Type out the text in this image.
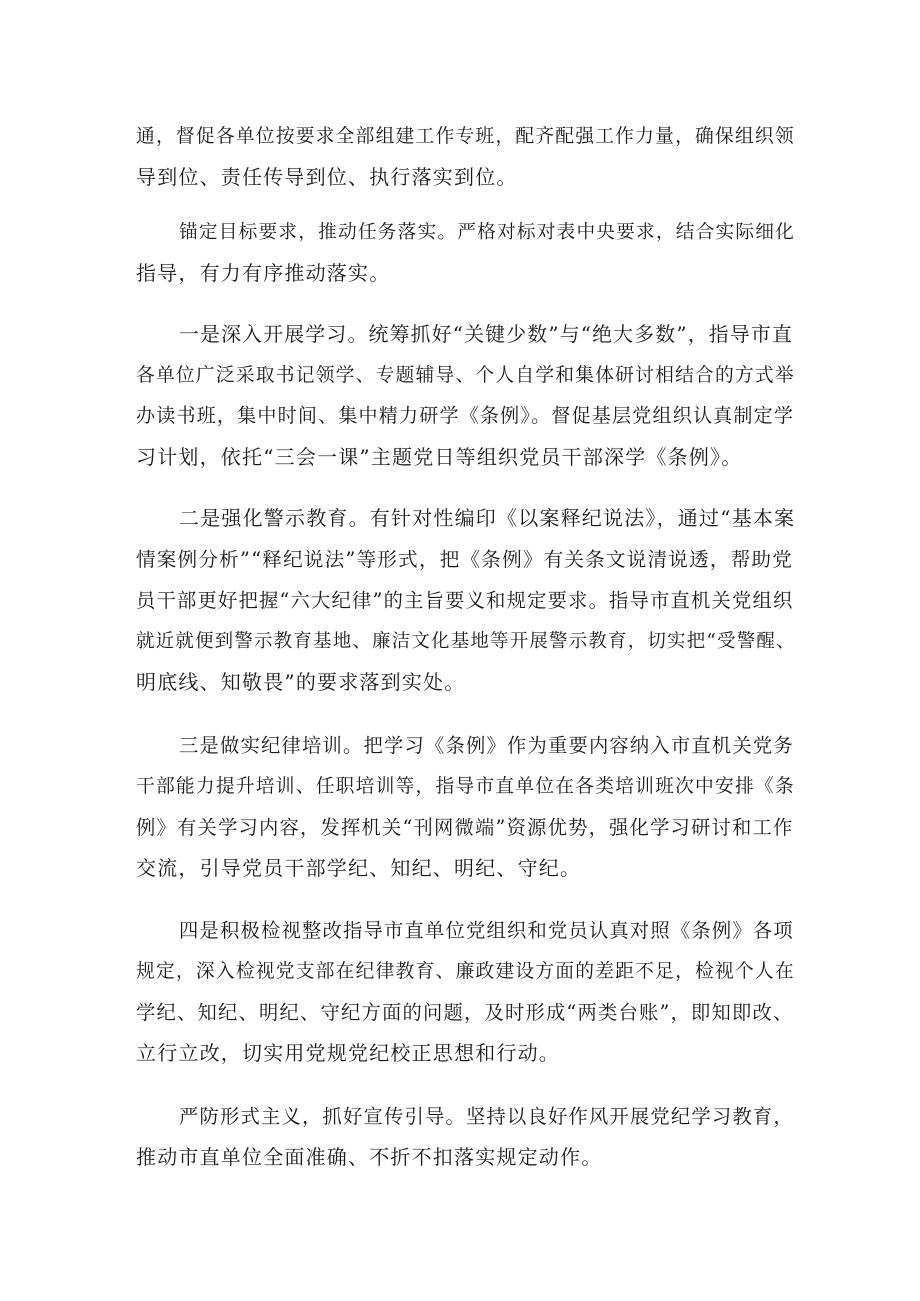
通，督促各单位按要求全部组建工作专班，配齐配强工作力量，确保组织领
导到位、责任传导到位、执行落实到位。

锚定目标要求，推动任务落实。严格对标对表中央要求，结合实际细化
指导，有力有序推动落实。

一是深入开展学习。统筹抓好“关键少数”与“绝大多数”，指导市直
各单位广泛采取书记领学、专题辅导、个人自学和集体研讨相结合的方式举
办读书班，集中时间、集中精力研学《条例》。督促基层党组织认真制定学
习计划，依托“三会一课”主题党日等组织党员干部深学《条例》。

二是强化警示教育。有针对性编印《以案释纪说法》，通过“基本案
情案例分析”“释纪说法”等形式，把《条例》有关条文说清说透，帮助党
员干部更好把握“六大纪律”的主旨要义和规定要求。指导市直机关党组织
就近就便到警示教育基地、廉洁文化基地等开展警示教育，切实把“受警醒、
明底线、知敬畏”的要求落到实处。

三是做实纪律培训。把学习《条例》作为重要内容纳入市直机关党务
干部能力提升培训、任职培训等，指导市直单位在各类培训班次中安排《条
例》有关学习内容，发挥机关“刊网微端”资源优势，强化学习研讨和工作
交流，引导党员干部学纪、知纪、明纪、守纪。

四是积极检视整改指导市直单位党组织和党员认真对照《条例》各项
规定，深入检视党支部在纪律教育、廉政建设方面的差距不足，检视个人在
学纪、知纪、明纪、守纪方面的问题，及时形成“两类台账”，即知即改、
立行立改，切实用党规党纪校正思想和行动。

严防形式主义，抓好宣传引导。坚持以良好作风开展党纪学习教育，
推动市直单位全面准确、不折不扣落实规定动作。
